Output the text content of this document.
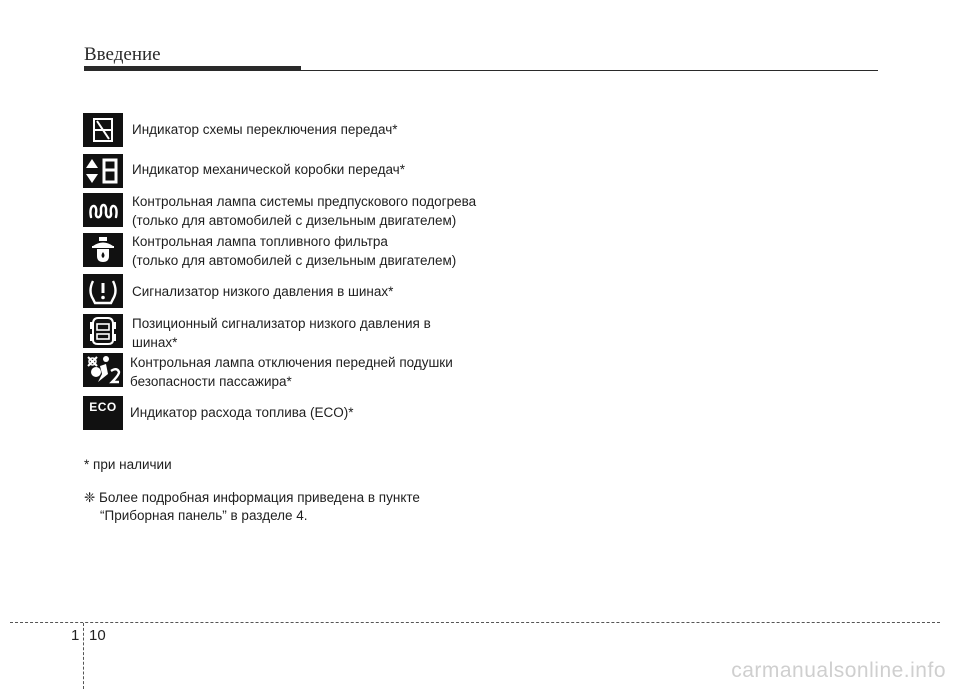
Введение
Индикатор схемы переключения передач*
Индикатор механической коробки передач*
Контрольная лампа системы предпускового подогрева
(только для автомобилей с дизельным двигателем)
Контрольная лампа топливного фильтра
(только для автомобилей с дизельным двигателем)
Сигнализатор низкого давления в шинах*
Позиционный сигнализатор низкого давления в
шинах*
Контрольная лампа отключения передней подушки
безопасности пассажира*
ECO Индикатор расхода топлива (ECO)*
* при наличии
❈ Более подробная информация приведена в пункте
“Приборная панель” в разделе 4.
1 10
carmanualsonline.info
